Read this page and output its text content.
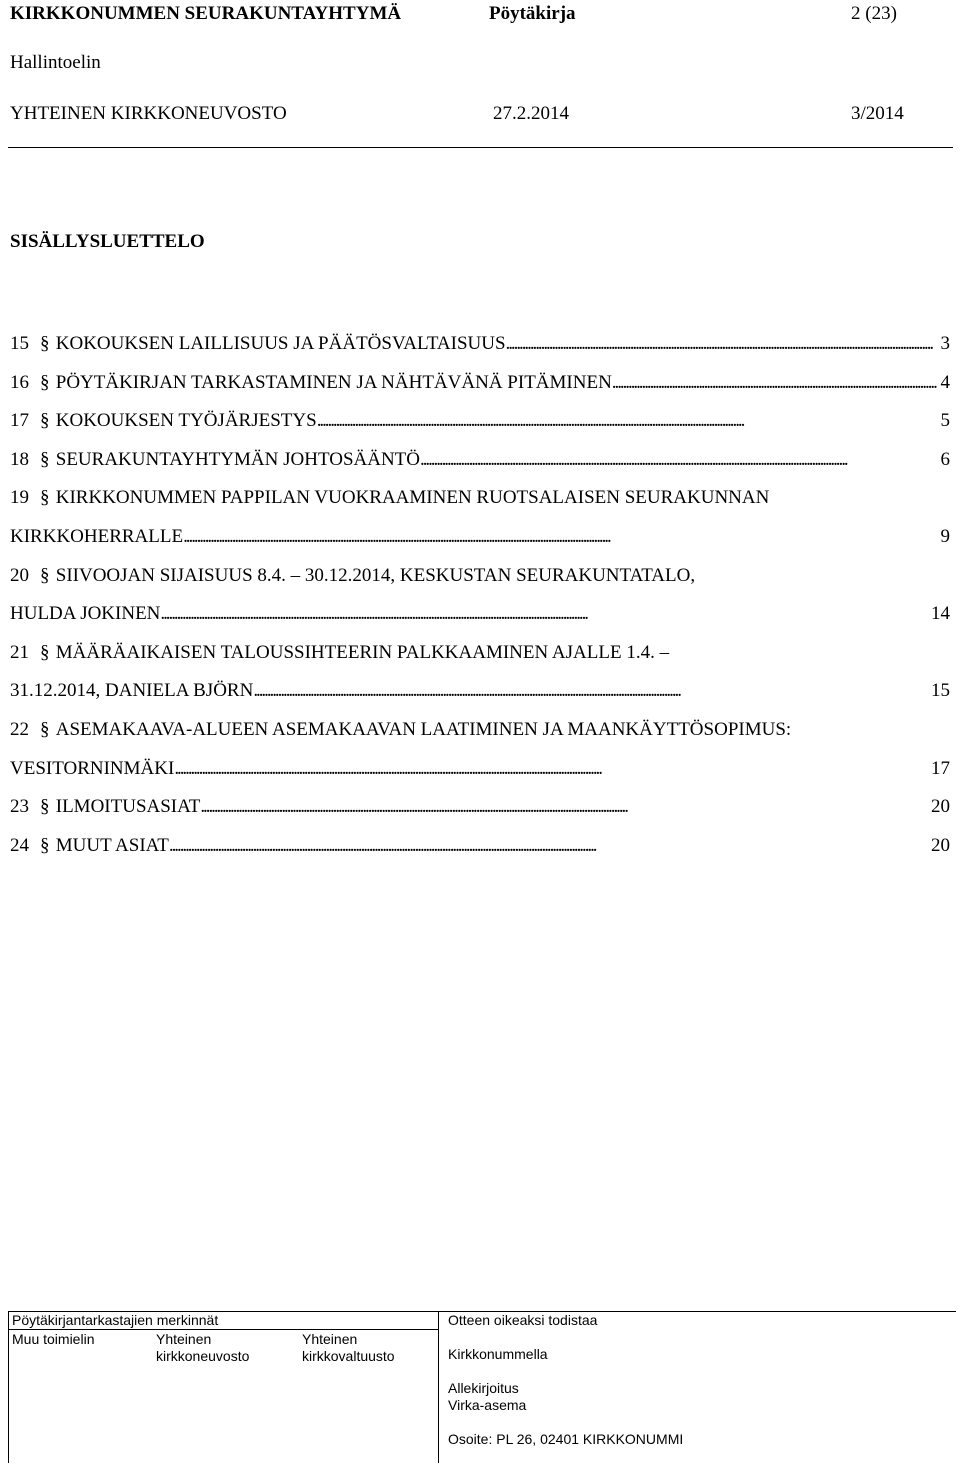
KIRKKONUMMEN SEURAKUNTAYHTYMÄ	Pöytäkirja	2 (23)
Hallintoelin
YHTEINEN KIRKKONEUVOSTO	27.2.2014	3/2014
SISÄLLYSLUETTELO
15 § KOKOUKSEN LAILLISUUS JA PÄÄTÖSVALTAISUUS . . .	3
16 § PÖYTÄKIRJAN TARKASTAMINEN JA NÄHTÄVÄNÄ PITÄMINEN . . .	4
17 § KOKOUKSEN TYÖJÄRJESTYS . . .	5
18 § SEURAKUNTAYHTYMÄN JOHTOSÄÄNTÖ . . .	6
19 § KIRKKONUMMEN PAPPILAN VUOKRAAMINEN RUOTSALAISEN SEURAKUNNAN
KIRKKOHERRALLE . . .	9
20 § SIIVOOJAN SIJAISUUS 8.4. – 30.12.2014, KESKUSTAN SEURAKUNTATALO,
HULDA JOKINEN . . .	14
21 § MÄÄRÄAIKAISEN TALOUSSIHTEERIN PALKKAAMINEN AJALLE 1.4. –
31.12.2014, DANIELA BJÖRN . . .	15
22 § ASEMAKAAVA-ALUEEN ASEMAKAAVAN LAATIMINEN JA MAANKÄYTTÖSOPIMUS:
VESITORNINMÄKI . . .	17
23 § ILMOITUSASIAT . . .	20
24 § MUUT ASIAT . . .	20
Pöytäkirjantarkastajien merkinnät
Muu toimielin	Yhteinen
kirkkoneuvosto
Yhteinen
kirkkovaltuusto
Otteen oikeaksi todistaa
Kirkkonummella
Allekirjoitus
Virka-asema
Osoite: PL 26, 02401 KIRKKONUMMI
